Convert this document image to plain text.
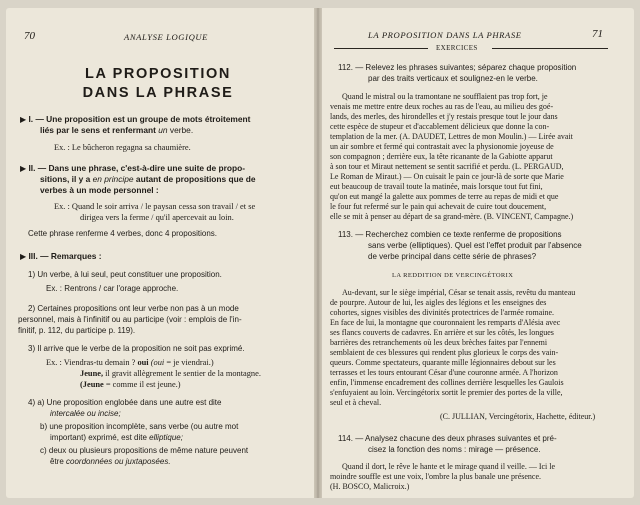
70	ANALYSE LOGIQUE
LA PROPOSITION
DANS LA PHRASE
▶ I. — Une proposition est un groupe de mots étroitement
liés par le sens et renfermant un verbe.
Ex. : Le bûcheron regagna sa chaumière.
▶ II. — Dans une phrase, c'est-à-dire une suite de propo-
sitions, il y a en principe autant de propositions que de
verbes à un mode personnel :
Ex. : Quand le soir arriva / le paysan cessa son travail / et se
dirigea vers la ferme / qu'il apercevait au loin.
Cette phrase renferme 4 verbes, donc 4 propositions.
▶ III. — Remarques :
1) Un verbe, à lui seul, peut constituer une proposition.
Ex. : Rentrons / car l'orage approche.
2) Certaines propositions ont leur verbe non pas à un mode
personnel, mais à l'infinitif ou au participe (voir : emplois de l'in-
finitif, p. 112, du participe p. 119).
3) Il arrive que le verbe de la proposition ne soit pas exprimé.
Ex. : Viendras-tu demain ? oui (oui = je viendrai.)
Jeune, il gravit allègrement le sentier de la montagne.
(Jeune = comme il est jeune.)
4) a) Une proposition englobée dans une autre est dite
intercalée ou incise;
b) une proposition incomplète, sans verbe (ou autre mot
important) exprimé, est dite elliptique;
c) deux ou plusieurs propositions de même nature peuvent
être coordonnées ou juxtaposées.
LA PROPOSITION DANS LA PHRASE	71
EXERCICES
112. — Relevez les phrases suivantes; séparez chaque proposition
par des traits verticaux et soulignez-en le verbe.
Quand le mistral ou la tramontane ne soufflaient pas trop fort, je
venais me mettre entre deux roches au ras de l'eau, au milieu des goé-
lands, des merles, des hirondelles et j'y restais presque tout le jour dans
cette espèce de stupeur et d'accablement délicieux que donne la con-
templation de la mer. (A. DAUDET, Lettres de mon Moulin.) — Lirée avait
un air sombre et fermé qui contrastait avec la physionomie joyeuse de
son compagnon ; derrière eux, la tête ricanante de la Gabiotte apparut
à son tour et Miraut nettement se sentit sacrifié et perdu. (L. PERGAUD,
Le Roman de Miraut.) — On cuisait le pain ce jour-là de sorte que Marie
eut beaucoup de travail toute la matinée, mais lorsque tout fut fini,
qu'on eut mangé la galette aux pommes de terre au repas de midi et que
le four fut refermé sur le pain qui achevait de cuire tout doucement,
elle se mit à penser au départ de sa grand-mère. (B. VINCENT, Campagne.)
113. — Recherchez combien ce texte renferme de propositions
sans verbe (elliptiques). Quel est l'effet produit par l'absence
de verbe principal dans cette série de phrases?
LA REDDITION DE VERCINGÉTORIX
Au-devant, sur le siège impérial, César se tenait assis, revêtu du manteau
de pourpre. Autour de lui, les aigles des légions et les enseignes des
cohortes, signes visibles des divinités protectrices de l'armée romaine.
En face de lui, la montagne que couronnaient les remparts d'Alésia avec
ses flancs couverts de cadavres. En arrière et sur les côtés, les longues
barrières des retranchements où les deux brèches faites par l'ennemi
semblaient de ces blessures qui rendent plus glorieux le corps des vain-
queurs. Comme spectateurs, quarante mille légionnaires debout sur les
terrasses et les tours entourant César d'une couronne armée. A l'horizon
enfin, l'immense encadrement des collines derrière lesquelles les Gaulois
s'enfuyaient au loin. Vercingétorix sortit le premier des portes de la ville,
seul et à cheval.
(C. JULLIAN, Vercingétorix, Hachette, éditeur.)
114. — Analysez chacune des deux phrases suivantes et pré-
cisez la fonction des noms : mirage — présence.
Quand il dort, le rêve le hante et le mirage quand il veille. — Ici le
moindre souffle est une voix, l'ombre la plus banale une présence.
(H. BOSCO, Malicroix.)
